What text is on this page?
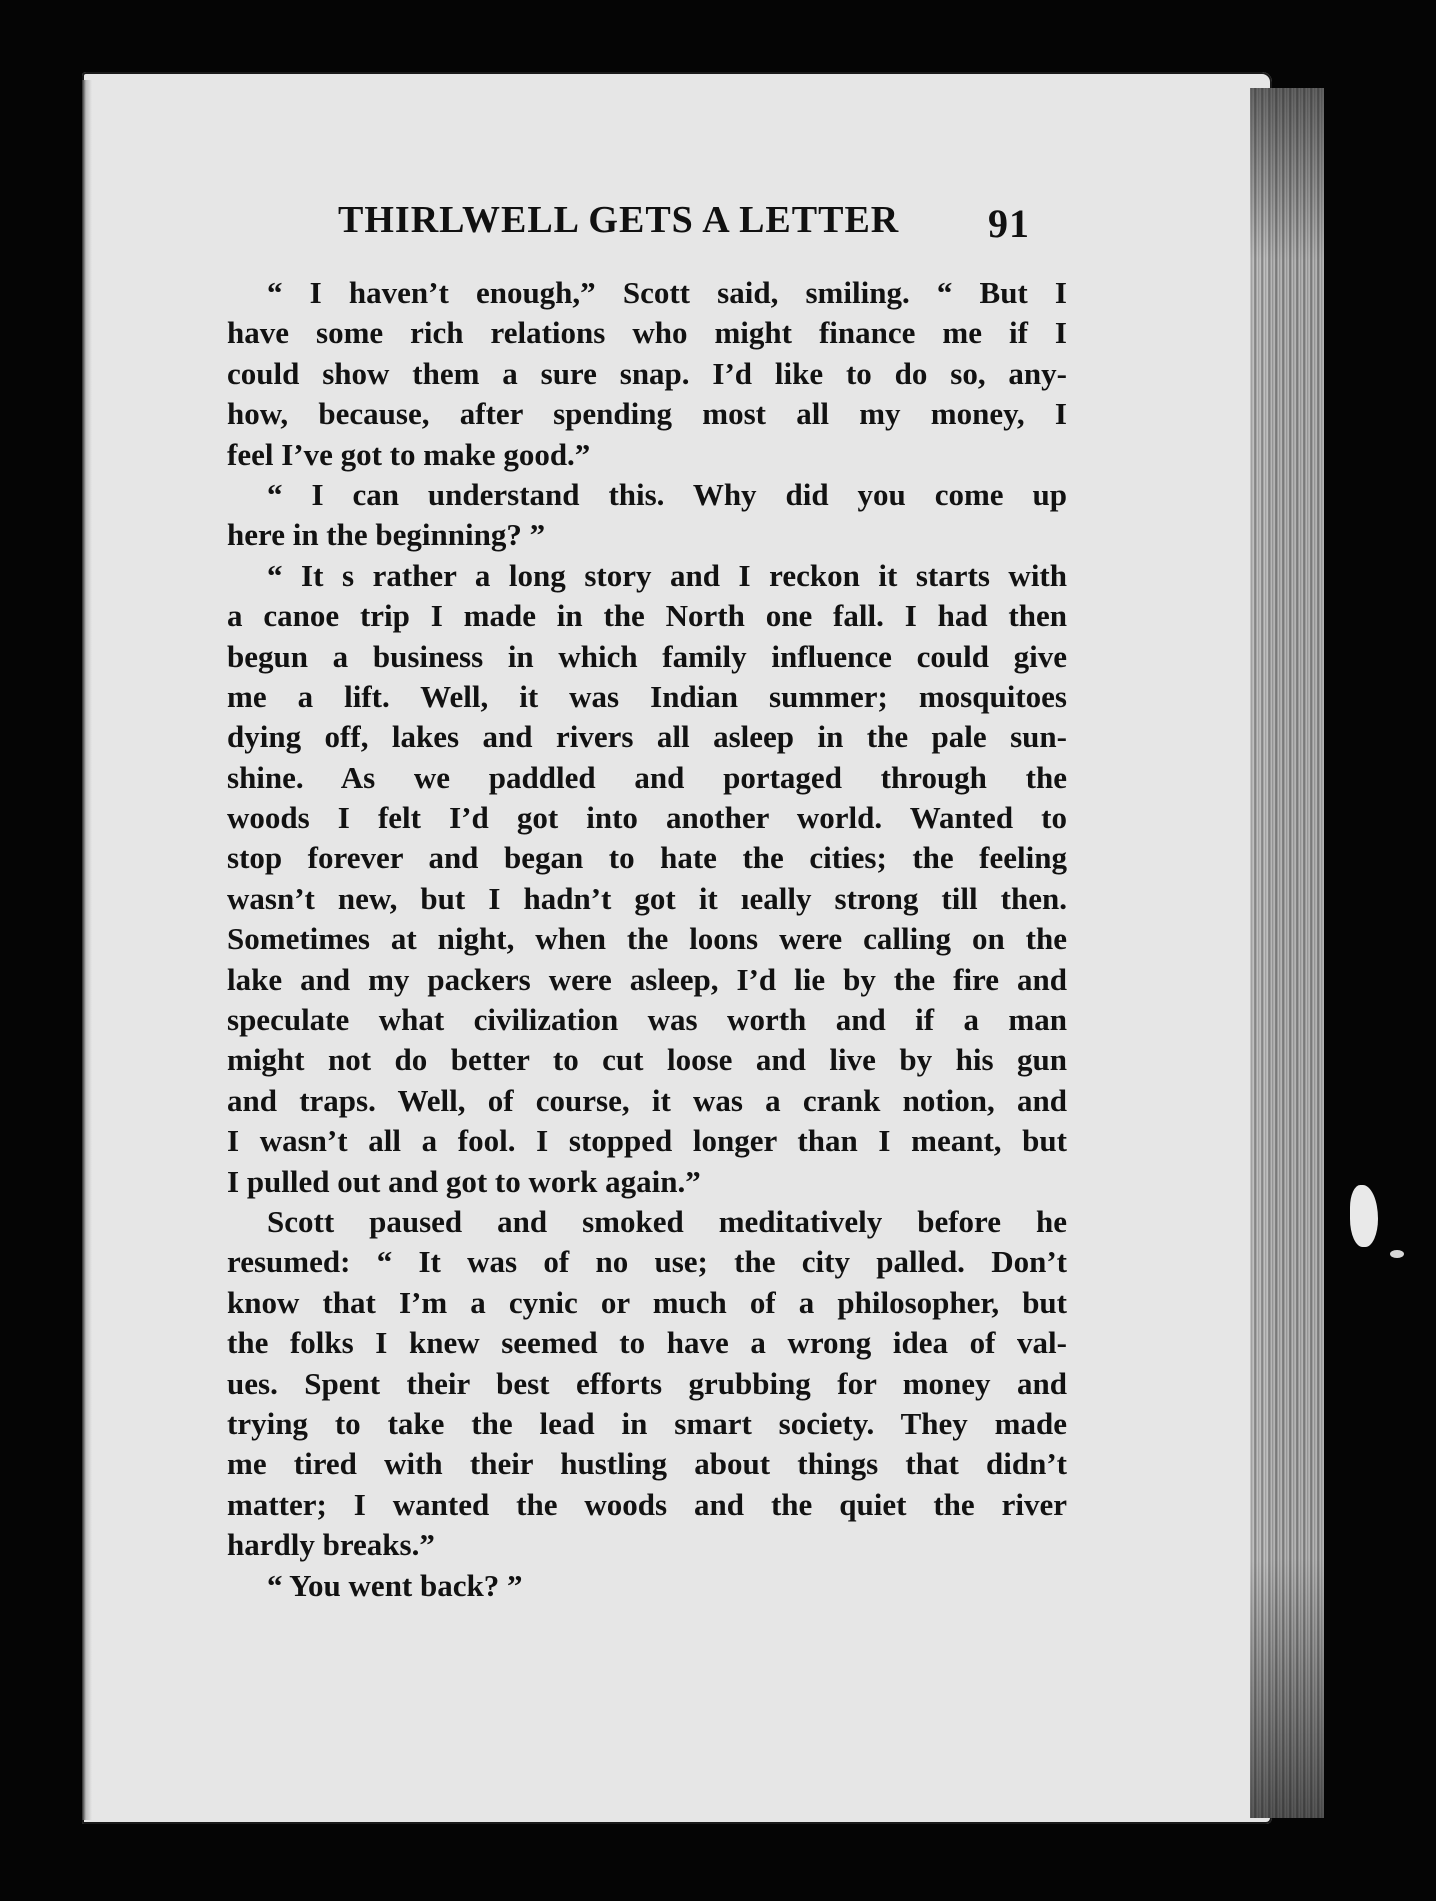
THIRLWELL GETS A LETTER 91
“ I haven’t enough,” Scott said, smiling. “ But I
have some rich relations who might finance me if I
could show them a sure snap. I’d like to do so, any-
how, because, after spending most all my money, I
feel I’ve got to make good.”
“ I can understand this. Why did you come up
here in the beginning? ”
“ It s rather a long story and I reckon it starts with
a canoe trip I made in the North one fall. I had then
begun a business in which family influence could give
me a lift. Well, it was Indian summer; mosquitoes
dying off, lakes and rivers all asleep in the pale sun-
shine. As we paddled and portaged through the
woods I felt I’d got into another world. Wanted to
stop forever and began to hate the cities; the feeling
wasn’t new, but I hadn’t got it ıeally strong till then.
Sometimes at night, when the loons were calling on the
lake and my packers were asleep, I’d lie by the fire and
speculate what civilization was worth and if a man
might not do better to cut loose and live by his gun
and traps. Well, of course, it was a crank notion, and
I wasn’t all a fool. I stopped longer than I meant, but
I pulled out and got to work again.”
Scott paused and smoked meditatively before he
resumed: “ It was of no use; the city palled. Don’t
know that I’m a cynic or much of a philosopher, but
the folks I knew seemed to have a wrong idea of val-
ues. Spent their best efforts grubbing for money and
trying to take the lead in smart society. They made
me tired with their hustling about things that didn’t
matter; I wanted the woods and the quiet the river
hardly breaks.”
“ You went back? ”
